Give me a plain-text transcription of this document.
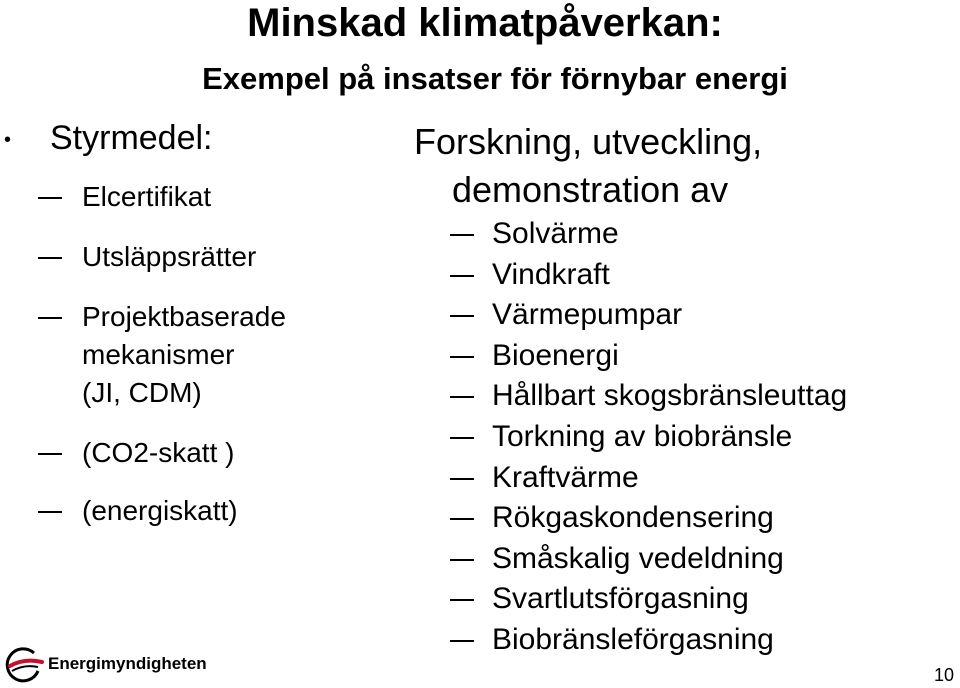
Minskad klimatpåverkan:
Exempel på insatser för förnybar energi
• Styrmedel:
Elcertifikat
Utsläppsrätter
Projektbaserade
mekanismer
(JI, CDM)
(CO2-skatt )
(energiskatt)
Forskning, utveckling,
demonstration av
Solvärme
Vindkraft
Värmepumpar
Bioenergi
Hållbart skogsbränsleuttag
Torkning av biobränsle
Kraftvärme
Rökgaskondensering
Småskalig vedeldning
Svartlutsförgasning
Biobränsleförgasning
Energimyndigheten
10
